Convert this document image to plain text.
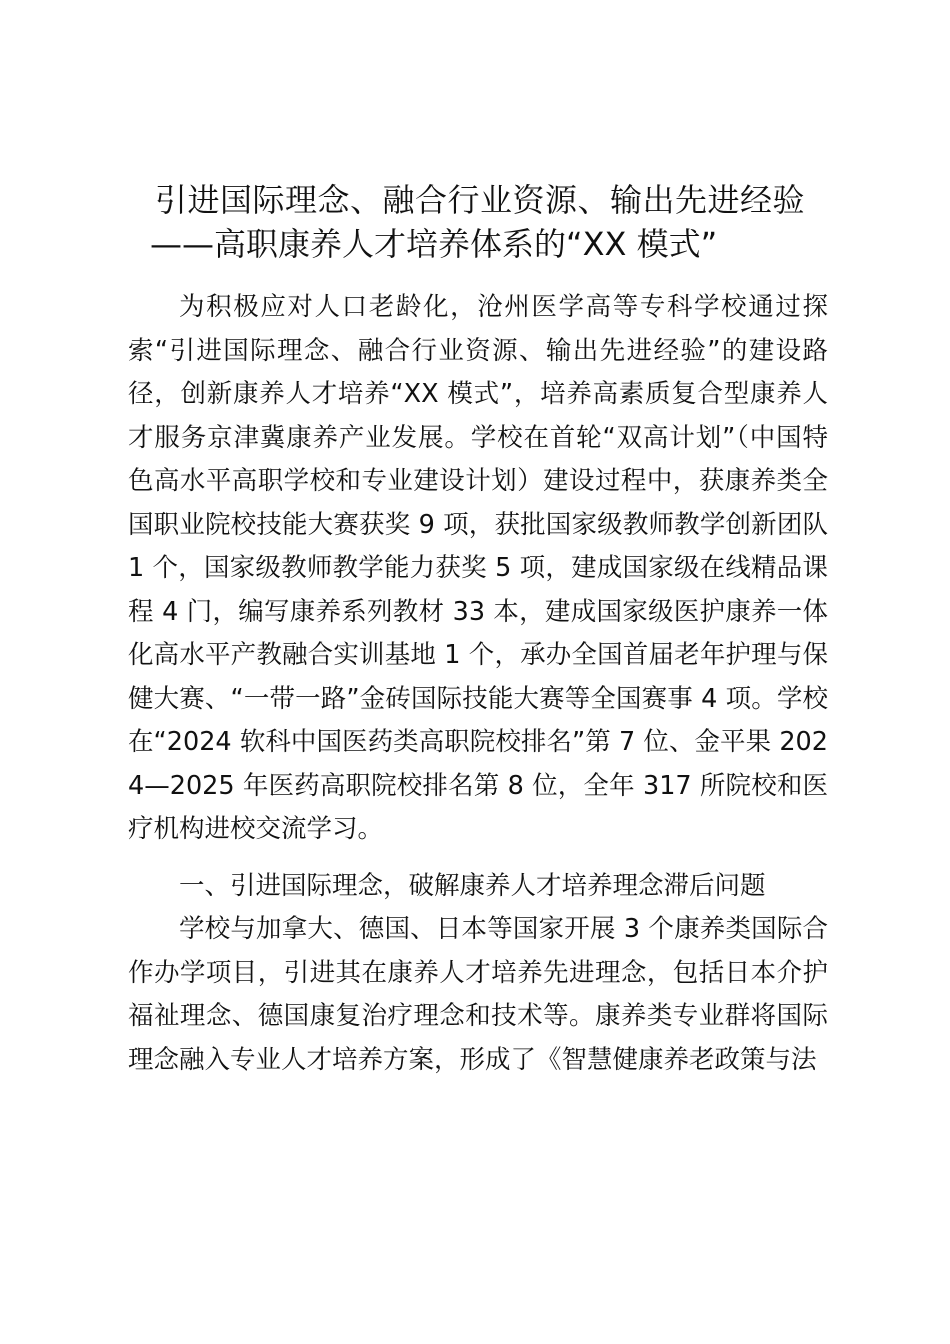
引进国际理念、融合行业资源、输出先进经验
——高职康养人才培养体系的“XX 模式”

为积极应对人口老龄化，沧州医学高等专科学校通过探索“引进国际理念、融合行业资源、输出先进经验”的建设路径，创新康养人才培养“XX 模式”，培养高素质复合型康养人才服务京津冀康养产业发展。学校在首轮“双高计划”（中国特色高水平高职学校和专业建设计划）建设过程中，获康养类全国职业院校技能大赛获奖 9 项，获批国家级教师教学创新团队 1 个，国家级教师教学能力获奖 5 项，建成国家级在线精品课程 4 门，编写康养系列教材 33 本，建成国家级医护康养一体化高水平产教融合实训基地 1 个，承办全国首届老年护理与保健大赛、“一带一路”金砖国际技能大赛等全国赛事 4 项。学校在“2024 软科中国医药类高职院校排名”第 7 位、金平果 2024—2025 年医药高职院校排名第 8 位，全年 317 所院校和医疗机构进校交流学习。

一、引进国际理念，破解康养人才培养理念滞后问题

学校与加拿大、德国、日本等国家开展 3 个康养类国际合作办学项目，引进其在康养人才培养先进理念，包括日本介护福祉理念、德国康复治疗理念和技术等。康养类专业群将国际理念融入专业人才培养方案，形成了《智慧健康养老政策与法
